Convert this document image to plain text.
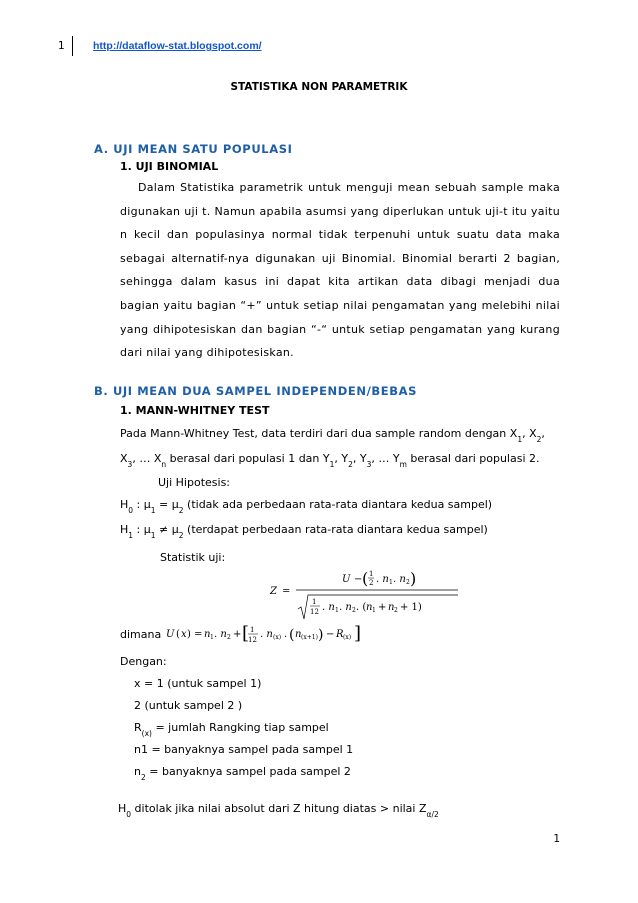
1	http://dataflow-stat.blogspot.com/
STATISTIKA NON PARAMETRIK
A. UJI MEAN SATU POPULASI
1. UJI BINOMIAL
Dalam Statistika parametrik untuk menguji mean sebuah sample maka digunakan uji t. Namun apabila asumsi yang diperlukan untuk uji-t itu yaitu n kecil dan populasinya normal tidak terpenuhi untuk suatu data maka sebagai alternatif-nya digunakan uji Binomial. Binomial berarti 2 bagian, sehingga dalam kasus ini dapat kita artikan data dibagi menjadi dua bagian yaitu bagian “+” untuk setiap nilai pengamatan yang melebihi nilai yang dihipotesiskan dan bagian “-“ untuk setiap pengamatan yang kurang dari nilai yang dihipotesiskan.
B. UJI MEAN DUA SAMPEL INDEPENDEN/BEBAS
1. MANN-WHITNEY TEST
Pada Mann-Whitney Test, data terdiri dari dua sample random dengan $X_1$, $X_2$,
$X_3$, … $X_n$ berasal dari populasi 1 dan $Y_1$, $Y_2$, $Y_3$, … $Y_m$ berasal dari populasi 2.
Uji Hipotesis:
$H_0$ : $\mu_1 = \mu_2$ (tidak ada perbedaan rata-rata diantara kedua sampel)
$H_1$ : $\mu_1 \ne \mu_2$ (terdapat perbedaan rata-rata diantara kedua sampel)
Statistik uji:
Z =
U − ( 1
2 . n 1 . n 2 )
1
12 . n 1 . n 2 . ( n 1 + n 2 + 1)
dimana U ( x ) = n 1 . n 2 + [ 1
12 . n (x) . ( n (x+1) ) − R (x) ]
Dengan:
x = 1 (untuk sampel 1)
2 (untuk sampel 2 )
$R_{(x)}$ = jumlah Rangking tiap sampel
n1 = banyaknya sampel pada sampel 1
$n_2$ = banyaknya sampel pada sampel 2
$H_0$ ditolak jika nilai absolut dari Z hitung diatas > nilai $Z_{\alpha/2}$
1
